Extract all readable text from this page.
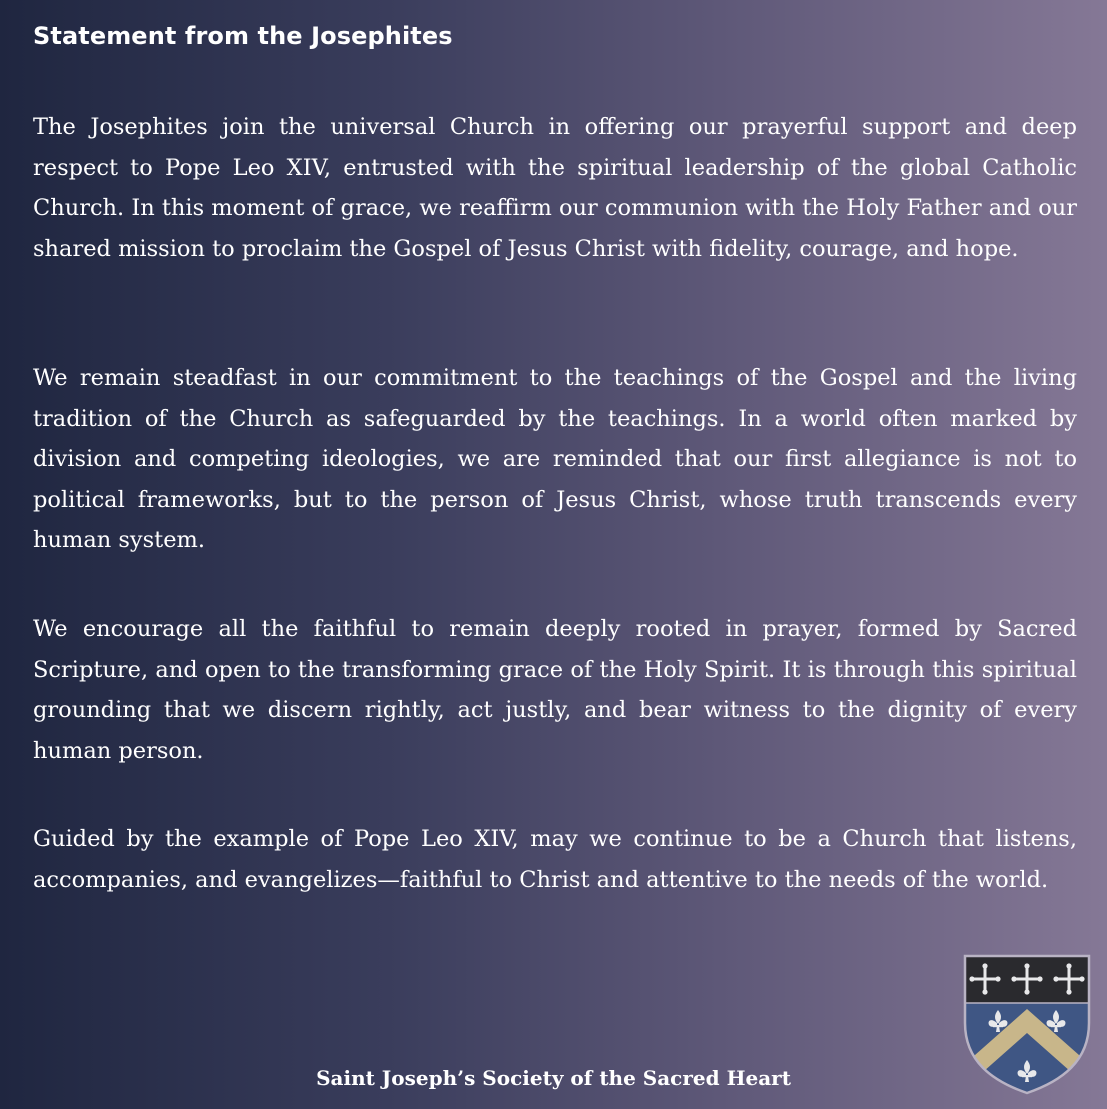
Statement from the Josephites

The Josephites join the universal Church in offering our prayerful support and deep respect to Pope Leo XIV, entrusted with the spiritual leadership of the global Catholic Church. In this moment of grace, we reaffirm our communion with the Holy Father and our shared mission to proclaim the Gospel of Jesus Christ with fidelity, courage, and hope.

We remain steadfast in our commitment to the teachings of the Gospel and the living tradition of the Church as safeguarded by the teachings. In a world often marked by division and competing ideologies, we are reminded that our first allegiance is not to political frameworks, but to the person of Jesus Christ, whose truth transcends every human system.

We encourage all the faithful to remain deeply rooted in prayer, formed by Sacred Scripture, and open to the transforming grace of the Holy Spirit. It is through this spiritual grounding that we discern rightly, act justly, and bear witness to the dignity of every human person.

Guided by the example of Pope Leo XIV, may we continue to be a Church that listens, accompanies, and evangelizes—faithful to Christ and attentive to the needs of the world.

Saint Joseph’s Society of the Sacred Heart
